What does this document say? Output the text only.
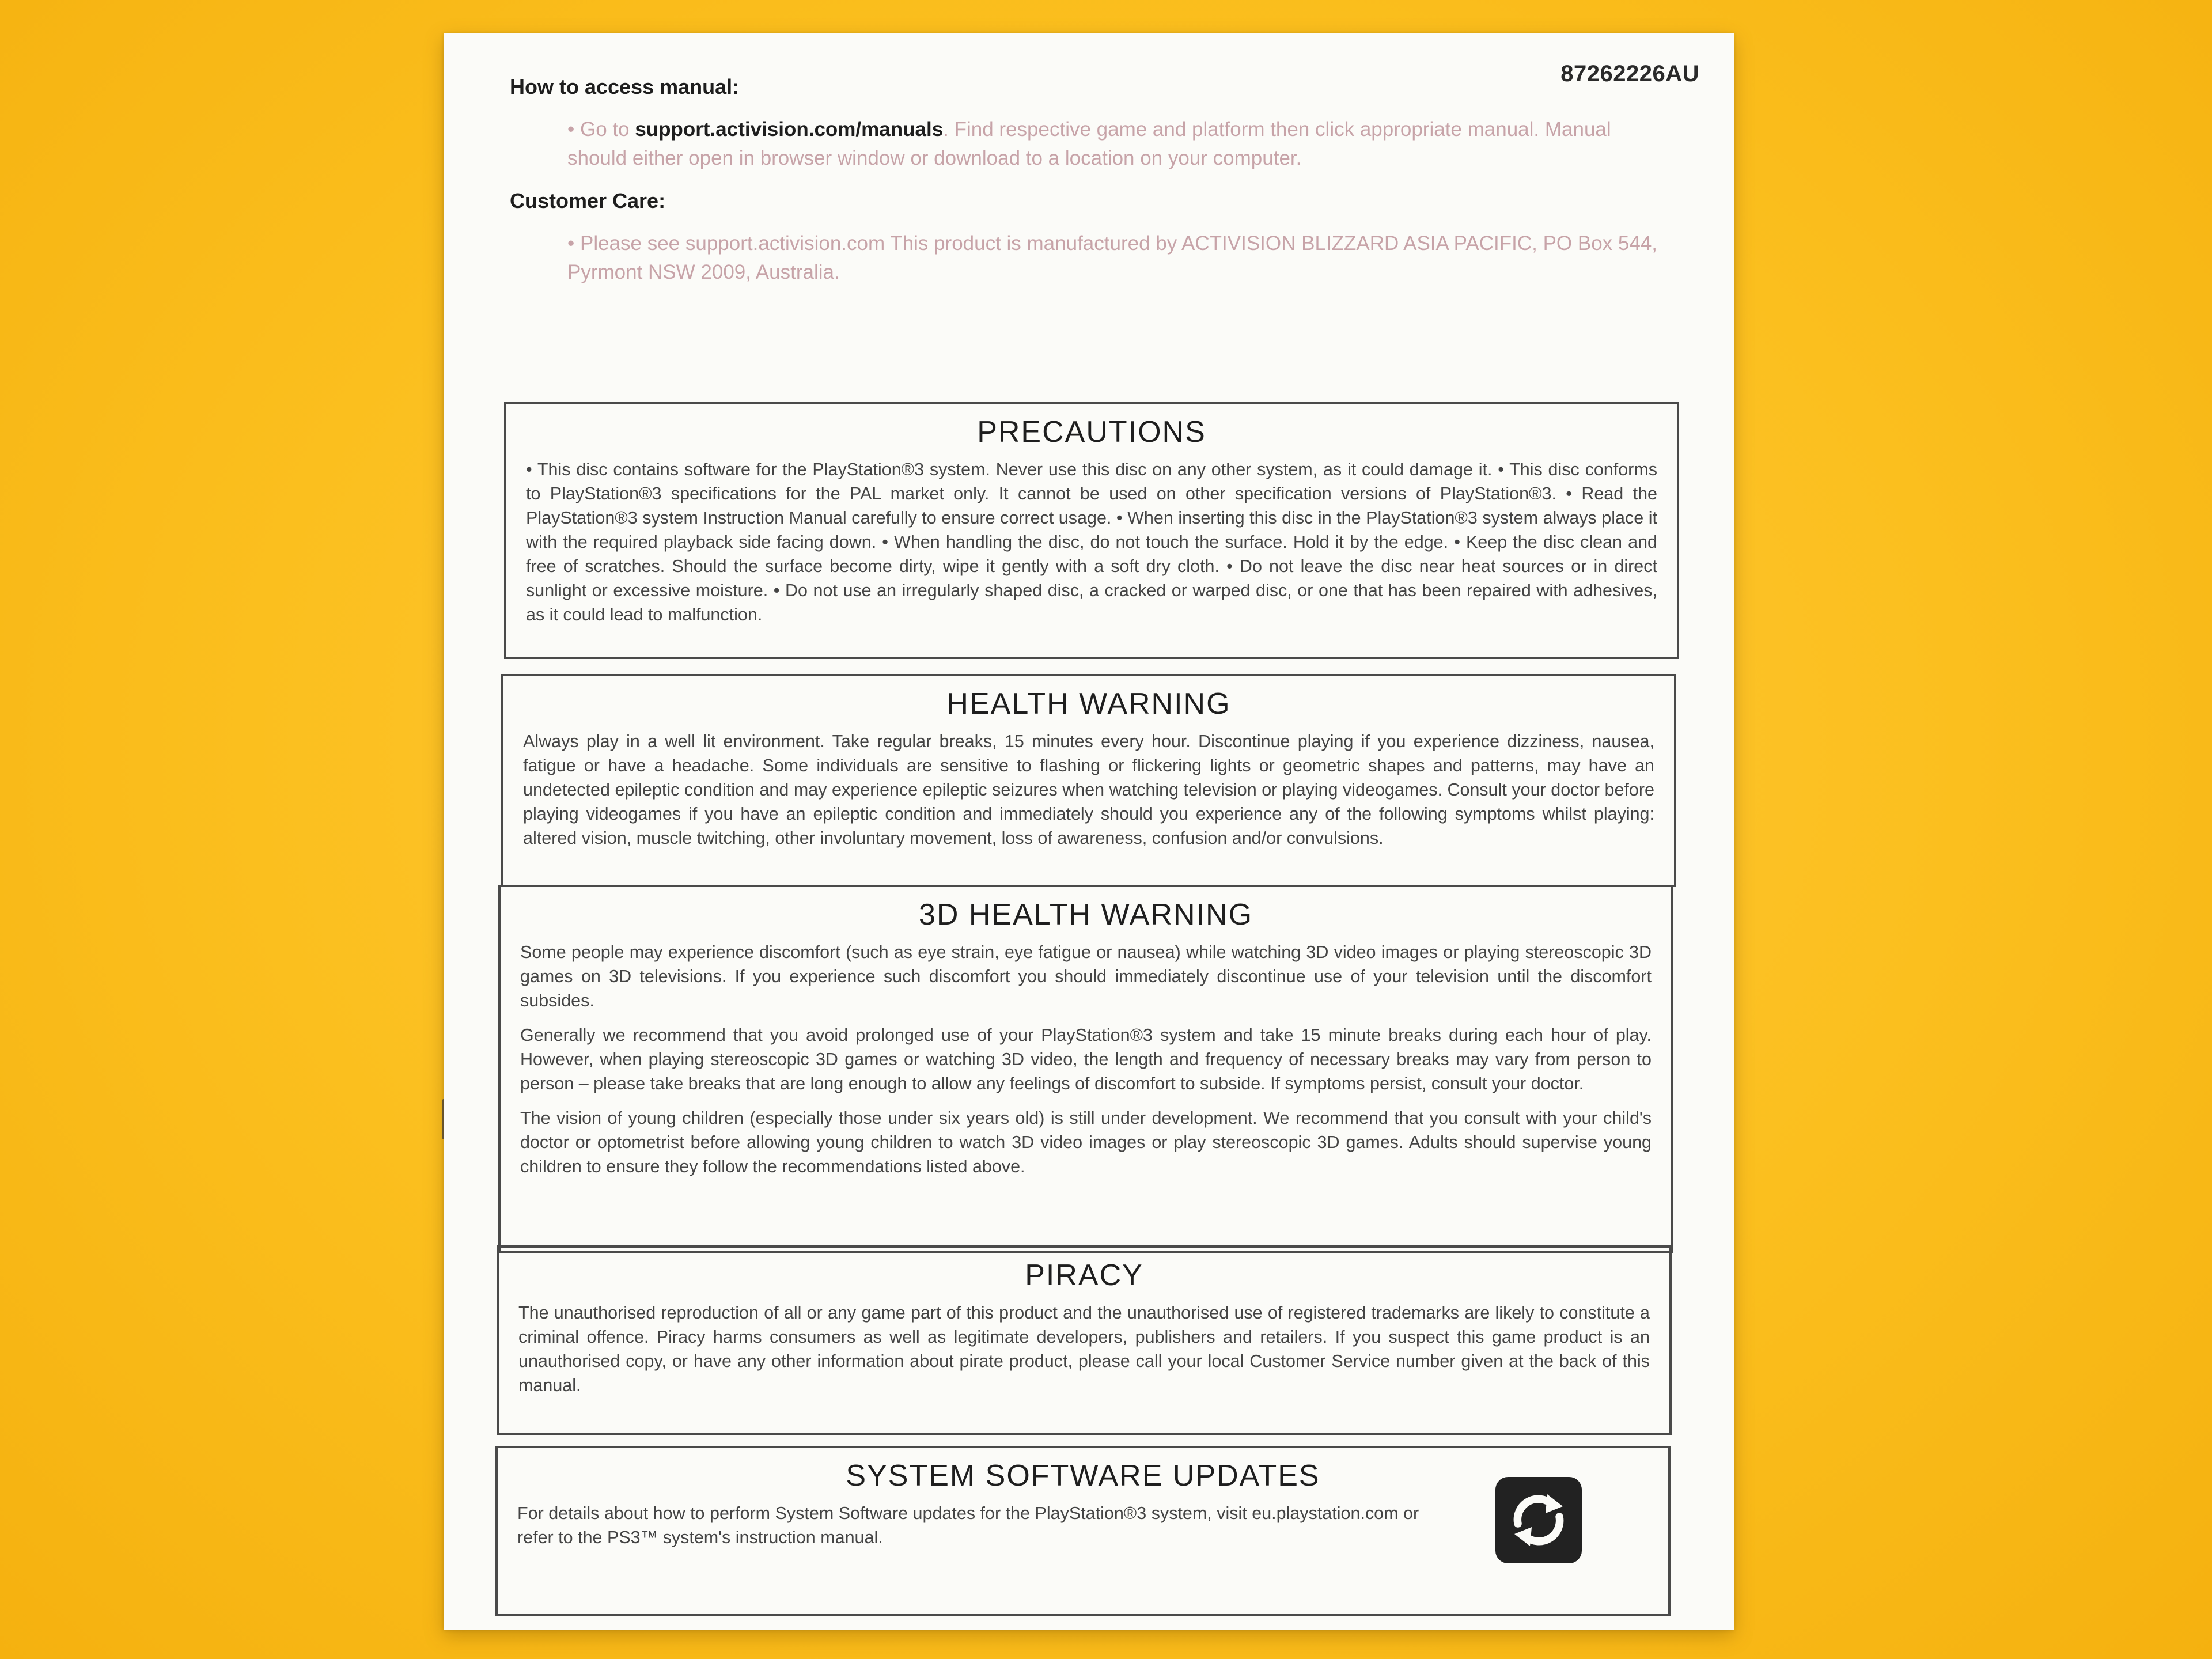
87262226AU
How to access manual:
• Go to support.activision.com/manuals. Find respective game and platform then click appropriate manual. Manual should either open in browser window or download to a location on your computer.
Customer Care:
• Please see support.activision.com This product is manufactured by ACTIVISION BLIZZARD ASIA PACIFIC, PO Box 544, Pyrmont NSW 2009, Australia.
PRECAUTIONS

• This disc contains software for the PlayStation®3 system. Never use this disc on any other system, as it could damage it. • This disc conforms to PlayStation®3 specifications for the PAL market only. It cannot be used on other specification versions of PlayStation®3. • Read the PlayStation®3 system Instruction Manual carefully to ensure correct usage. • When inserting this disc in the PlayStation®3 system always place it with the required playback side facing down. • When handling the disc, do not touch the surface. Hold it by the edge. • Keep the disc clean and free of scratches. Should the surface become dirty, wipe it gently with a soft dry cloth. • Do not leave the disc near heat sources or in direct sunlight or excessive moisture. • Do not use an irregularly shaped disc, a cracked or warped disc, or one that has been repaired with adhesives, as it could lead to malfunction.

HEALTH WARNING

Always play in a well lit environment. Take regular breaks, 15 minutes every hour. Discontinue playing if you experience dizziness, nausea, fatigue or have a headache. Some individuals are sensitive to flashing or flickering lights or geometric shapes and patterns, may have an undetected epileptic condition and may experience epileptic seizures when watching television or playing videogames. Consult your doctor before playing videogames if you have an epileptic condition and immediately should you experience any of the following symptoms whilst playing: altered vision, muscle twitching, other involuntary movement, loss of awareness, confusion and/or convulsions.

3D HEALTH WARNING

Some people may experience discomfort (such as eye strain, eye fatigue or nausea) while watching 3D video images or playing stereoscopic 3D games on 3D televisions. If you experience such discomfort you should immediately discontinue use of your television until the discomfort subsides.

Generally we recommend that you avoid prolonged use of your PlayStation®3 system and take 15 minute breaks during each hour of play. However, when playing stereoscopic 3D games or watching 3D video, the length and frequency of necessary breaks may vary from person to person – please take breaks that are long enough to allow any feelings of discomfort to subside. If symptoms persist, consult your doctor.

The vision of young children (especially those under six years old) is still under development. We recommend that you consult with your child's doctor or optometrist before allowing young children to watch 3D video images or play stereoscopic 3D games. Adults should supervise young children to ensure they follow the recommendations listed above.

PIRACY

The unauthorised reproduction of all or any game part of this product and the unauthorised use of registered trademarks are likely to constitute a criminal offence. Piracy harms consumers as well as legitimate developers, publishers and retailers. If you suspect this game product is an unauthorised copy, or have any other information about pirate product, please call your local Customer Service number given at the back of this manual.

SYSTEM SOFTWARE UPDATES

For details about how to perform System Software updates for the PlayStation®3 system, visit eu.playstation.com or refer to the PS3™ system's instruction manual.
